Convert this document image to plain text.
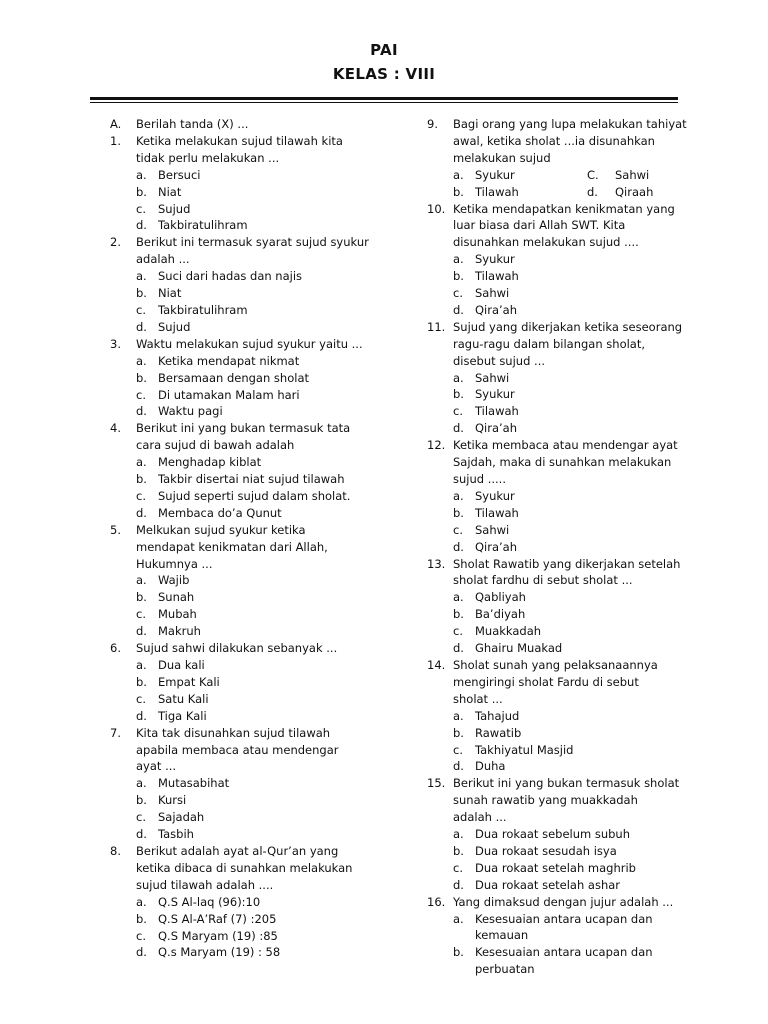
PAI
KELAS : VIII
A.	Berilah tanda (X) ...
1.	Ketika melakukan sujud tilawah kita
tidak perlu melakukan ...
a. Bersuci
b. Niat
c.	Sujud
d. Takbiratulihram
2.	Berikut ini termasuk syarat sujud syukur
adalah ...
a. Suci dari hadas dan najis
b. Niat
c.	Takbiratulihram
d. Sujud
3.	Waktu melakukan sujud syukur yaitu ...
a. Ketika mendapat nikmat
b. Bersamaan dengan sholat
c.	Di utamakan Malam hari
d. Waktu pagi
4.	Berikut ini yang bukan termasuk tata
cara sujud di bawah adalah
a. Menghadap kiblat
b. Takbir disertai niat sujud tilawah
c.	Sujud seperti sujud dalam sholat.
d. Membaca do’a Qunut
5.	Melkukan sujud syukur ketika
mendapat kenikmatan dari Allah,
Hukumnya ...
a. Wajib
b. Sunah
c.	Mubah
d. Makruh
6.	Sujud sahwi dilakukan sebanyak ...
a. Dua kali
b. Empat Kali
c.	Satu Kali
d. Tiga Kali
7.	Kita tak disunahkan sujud tilawah
apabila membaca atau mendengar
ayat ...
a. Mutasabihat
b. Kursi
c.	Sajadah
d. Tasbih
8.	Berikut adalah ayat al-Qur’an yang
ketika dibaca di sunahkan melakukan
sujud tilawah adalah ....
a. Q.S Al-laq (96):10
b. Q.S Al-A’Raf (7) :205
c.	Q.S Maryam (19) :85
d. Q.s Maryam (19) : 58
9.	Bagi orang yang lupa melakukan tahiyat
awal, ketika sholat ...ia disunahkan
melakukan sujud
a. Syukur	C. Sahwi
b. Tilawah	d. Qiraah
10. Ketika mendapatkan kenikmatan yang
luar biasa dari Allah SWT. Kita
disunahkan melakukan sujud ....
a. Syukur
b. Tilawah
c.	Sahwi
d. Qira’ah
11. Sujud yang dikerjakan ketika seseorang
ragu-ragu dalam bilangan sholat,
disebut sujud ...
a. Sahwi
b. Syukur
c.	Tilawah
d. Qira’ah
12. Ketika membaca atau mendengar ayat
Sajdah, maka di sunahkan melakukan
sujud .....
a. Syukur
b. Tilawah
c.	Sahwi
d. Qira’ah
13. Sholat Rawatib yang dikerjakan setelah
sholat fardhu di sebut sholat ...
a. Qabliyah
b. Ba’diyah
c.	Muakkadah
d. Ghairu Muakad
14. Sholat sunah yang pelaksanaannya
mengiringi sholat Fardu di sebut
sholat ...
a. Tahajud
b. Rawatib
c.	Takhiyatul Masjid
d. Duha
15. Berikut ini yang bukan termasuk sholat
sunah rawatib yang muakkadah
adalah ...
a. Dua rokaat sebelum subuh
b. Dua rokaat sesudah isya
c.	Dua rokaat setelah maghrib
d. Dua rokaat setelah ashar
16. Yang dimaksud dengan jujur adalah ...
a. Kesesuaian antara ucapan dan
kemauan
b. Kesesuaian antara ucapan dan
perbuatan
